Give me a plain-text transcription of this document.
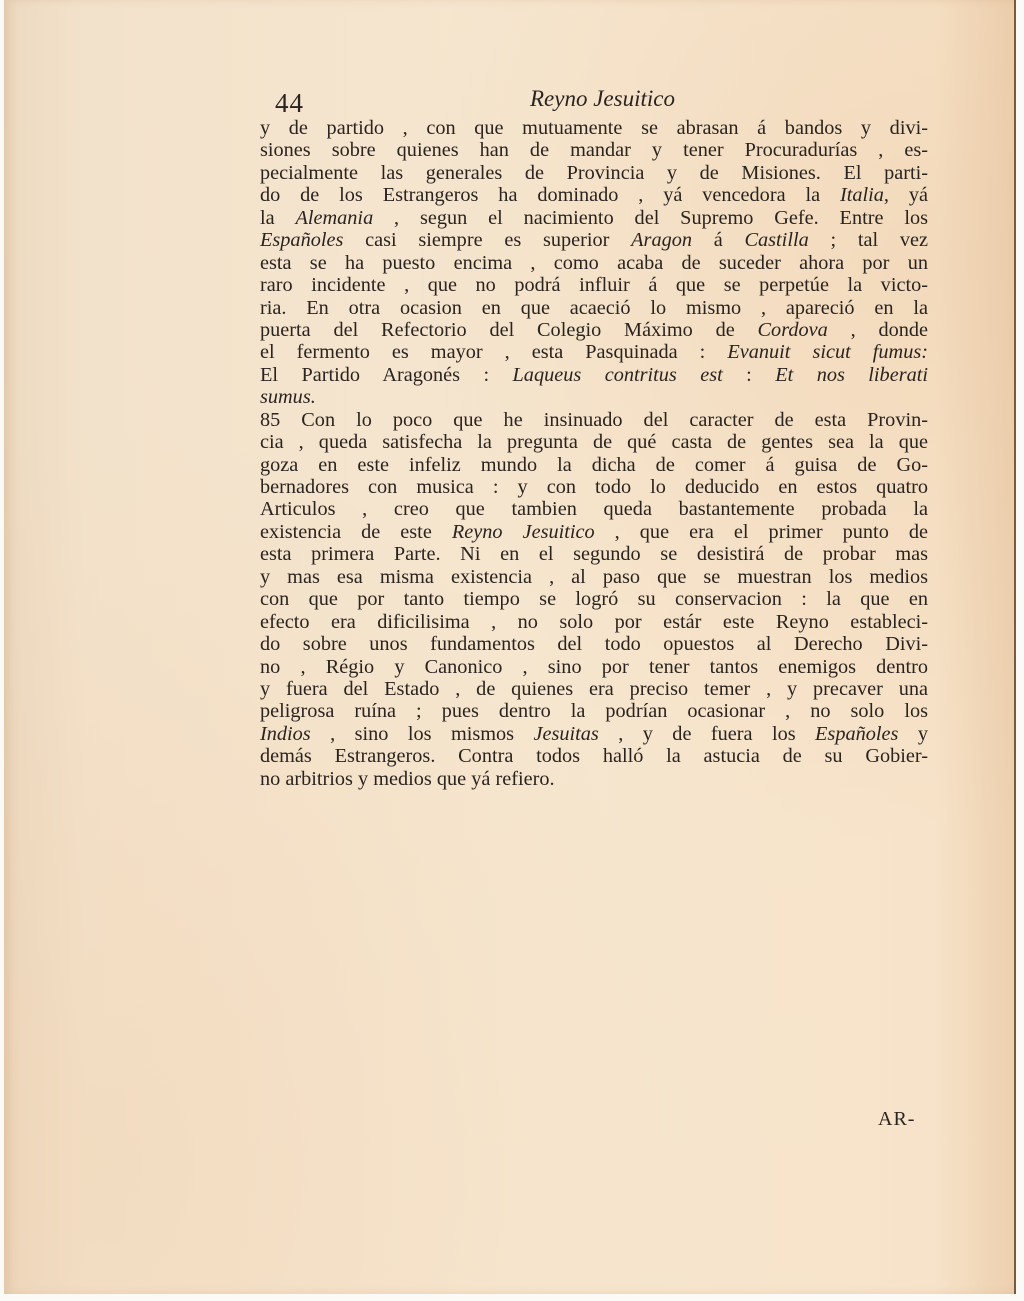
44	Reyno Jesuitico
y de partido , con que mutuamente se abrasan á bandos y divi-
siones sobre quienes han de mandar y tener Procuradurías , es-
pecialmente las generales de Provincia y de Misiones. El parti-
do de los Estrangeros ha dominado , yá vencedora la Italia, yá
la Alemania , segun el nacimiento del Supremo Gefe. Entre los
Españoles casi siempre es superior Aragon á Castilla ; tal vez
esta se ha puesto encima , como acaba de suceder ahora por un
raro incidente , que no podrá influir á que se perpetúe la victo-
ria. En otra ocasion en que acaeció lo mismo , apareció en la
puerta del Refectorio del Colegio Máximo de Cordova , donde
el fermento es mayor , esta Pasquinada : Evanuit sicut fumus:
El Partido Aragonés : Laqueus contritus est : Et nos liberati
sumus.
85 Con lo poco que he insinuado del caracter de esta Provin-
cia , queda satisfecha la pregunta de qué casta de gentes sea la que
goza en este infeliz mundo la dicha de comer á guisa de Go-
bernadores con musica : y con todo lo deducido en estos quatro
Articulos , creo que tambien queda bastantemente probada la
existencia de este Reyno Jesuitico , que era el primer punto de
esta primera Parte. Ni en el segundo se desistirá de probar mas
y mas esa misma existencia , al paso que se muestran los medios
con que por tanto tiempo se logró su conservacion : la que en
efecto era dificilisima , no solo por estár este Reyno estableci-
do sobre unos fundamentos del todo opuestos al Derecho Divi-
no , Régio y Canonico , sino por tener tantos enemigos dentro
y fuera del Estado , de quienes era preciso temer , y precaver una
peligrosa ruína ; pues dentro la podrían ocasionar , no solo los
Indios , sino los mismos Jesuitas , y de fuera los Españoles y
demás Estrangeros. Contra todos halló la astucia de su Gobier-
no arbitrios y medios que yá refiero.
AR-
